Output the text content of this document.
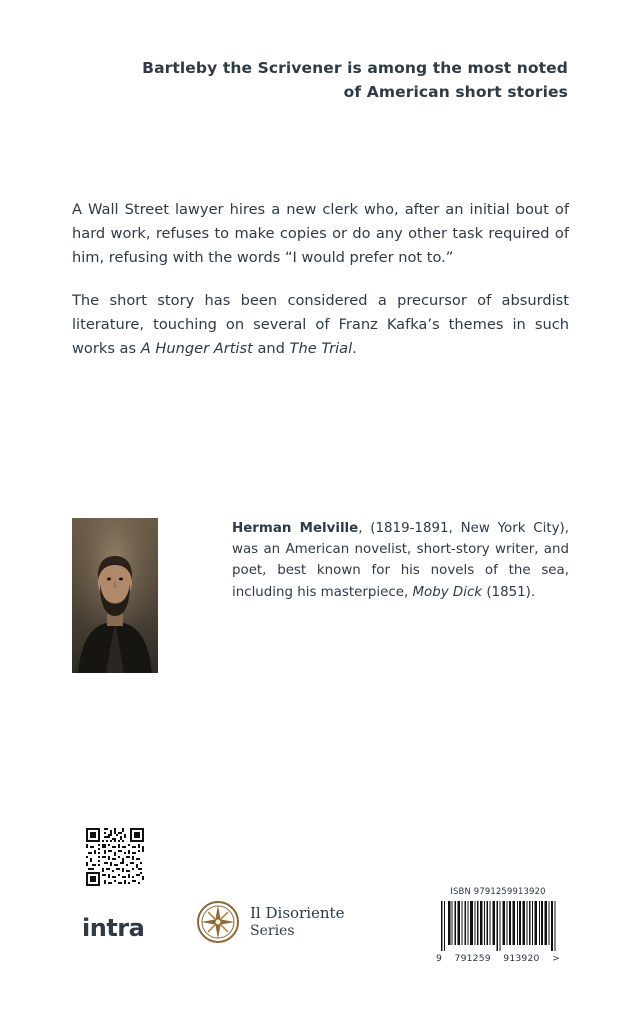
Bartleby the Scrivener is among the most noted
of American short stories

A Wall Street lawyer hires a new clerk who, after an initial bout of hard work, refuses to make copies or do any other task required of him, refusing with the words “I would prefer not to.”

The short story has been considered a precursor of absurdist literature, touching on several of Franz Kafka’s themes in such works as A Hunger Artist and The Trial.

Herman Melville, (1819-1891, New York City), was an American novelist, short-story writer, and poet, best known for his novels of the sea, including his masterpiece, Moby Dick (1851).
intra
Il Disoriente
Series
ISBN 9791259913920
9 791259 913920 >
